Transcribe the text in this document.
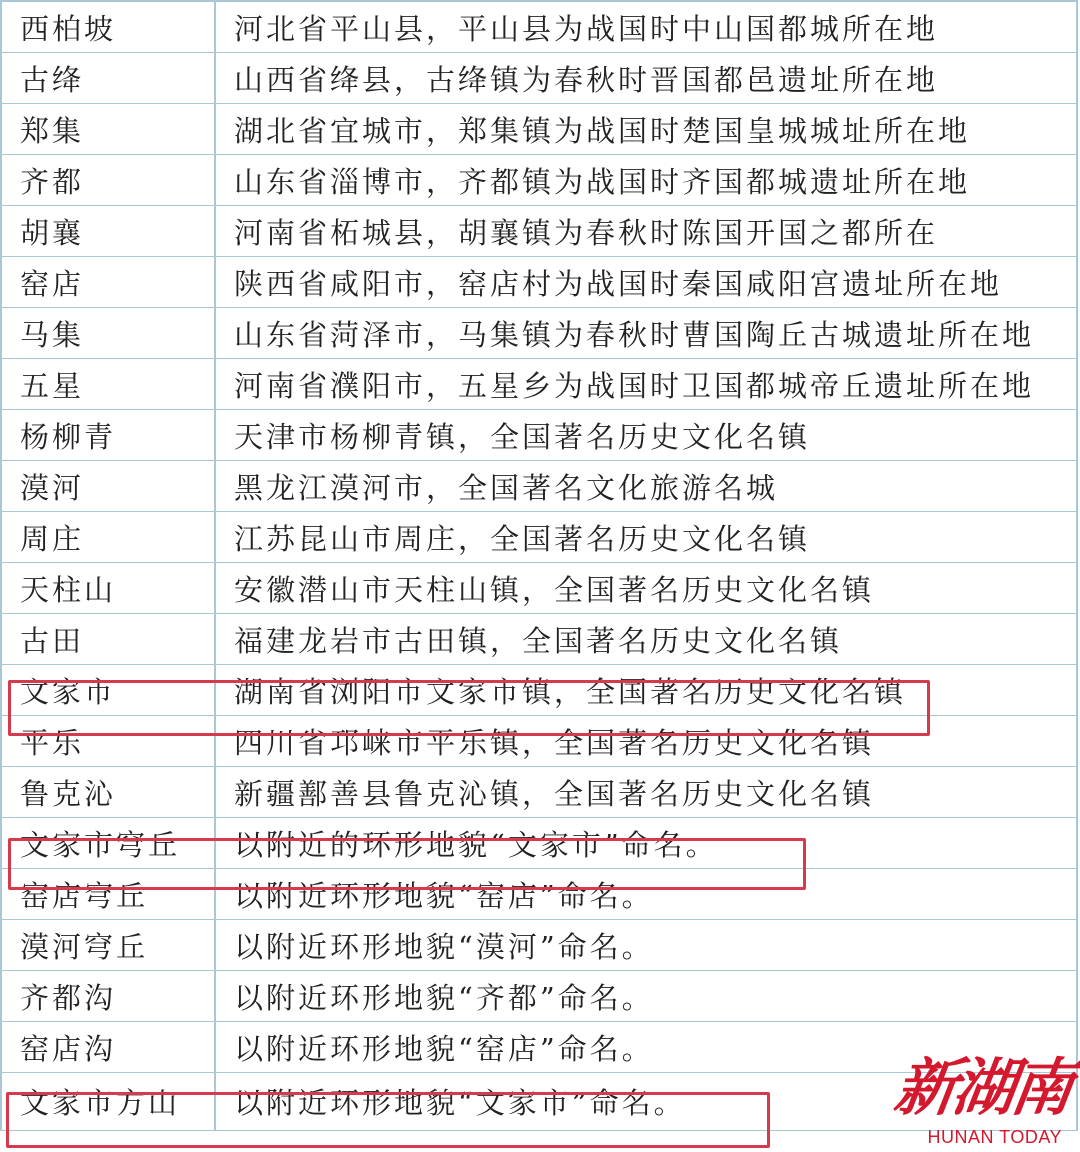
西柏坡	河北省平山县，平山县为战国时中山国都城所在地
古绛	山西省绛县，古绛镇为春秋时晋国都邑遗址所在地
郑集	湖北省宜城市，郑集镇为战国时楚国皇城城址所在地
齐都	山东省淄博市，齐都镇为战国时齐国都城遗址所在地
胡襄	河南省柘城县，胡襄镇为春秋时陈国开国之都所在
窑店	陕西省咸阳市，窑店村为战国时秦国咸阳宫遗址所在地
马集	山东省菏泽市，马集镇为春秋时曹国陶丘古城遗址所在地
五星	河南省濮阳市，五星乡为战国时卫国都城帝丘遗址所在地
杨柳青	天津市杨柳青镇，全国著名历史文化名镇
漠河	黑龙江漠河市，全国著名文化旅游名城
周庄	江苏昆山市周庄，全国著名历史文化名镇
天柱山	安徽潜山市天柱山镇，全国著名历史文化名镇
古田	福建龙岩市古田镇，全国著名历史文化名镇
文家市	湖南省浏阳市文家市镇，全国著名历史文化名镇
平乐	四川省邛崃市平乐镇，全国著名历史文化名镇
鲁克沁	新疆鄯善县鲁克沁镇，全国著名历史文化名镇
文家市穹丘	以附近的环形地貌“文家市”命名。
窑店穹丘	以附近环形地貌“窑店”命名。
漠河穹丘	以附近环形地貌“漠河”命名。
齐都沟	以附近环形地貌“齐都”命名。
窑店沟	以附近环形地貌“窑店”命名。
文家市方山	以附近环形地貌“文家市”命名。	新湖南
HUNAN TODAY
